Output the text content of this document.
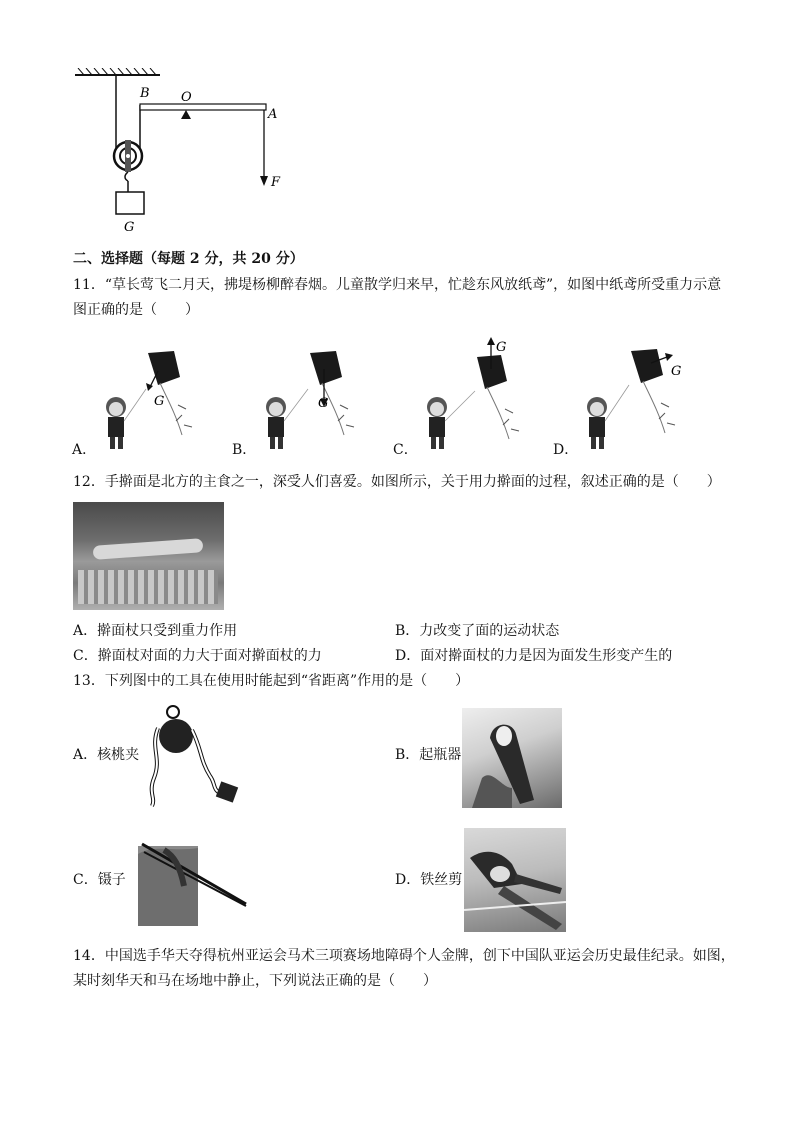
B O
A
F
G
二、选择题（每题 2 分，共 20 分）
11．“草长莺飞二月天，拂堤杨柳醉春烟。儿童散学归来早，忙趁东风放纸鸢”，如图中纸鸢所受重力示意
图正确的是（　　）
A．
G
B．
G
C．
G
D．
G
12．手擀面是北方的主食之一，深受人们喜爱。如图所示，关于用力擀面的过程，叙述正确的是（　　）
A．擀面杖只受到重力作用	B．力改变了面的运动状态
C．擀面杖对面的力大于面对擀面杖的力	D．面对擀面杖的力是因为面发生形变产生的
13．下列图中的工具在使用时能起到“省距离”作用的是（　　）
A．核桃夹	B．起瓶器
C．镊子	D．铁丝剪
14．中国选手华天夺得杭州亚运会马术三项赛场地障碍个人金牌，创下中国队亚运会历史最佳纪录。如图，
某时刻华天和马在场地中静止，下列说法正确的是（　　）
